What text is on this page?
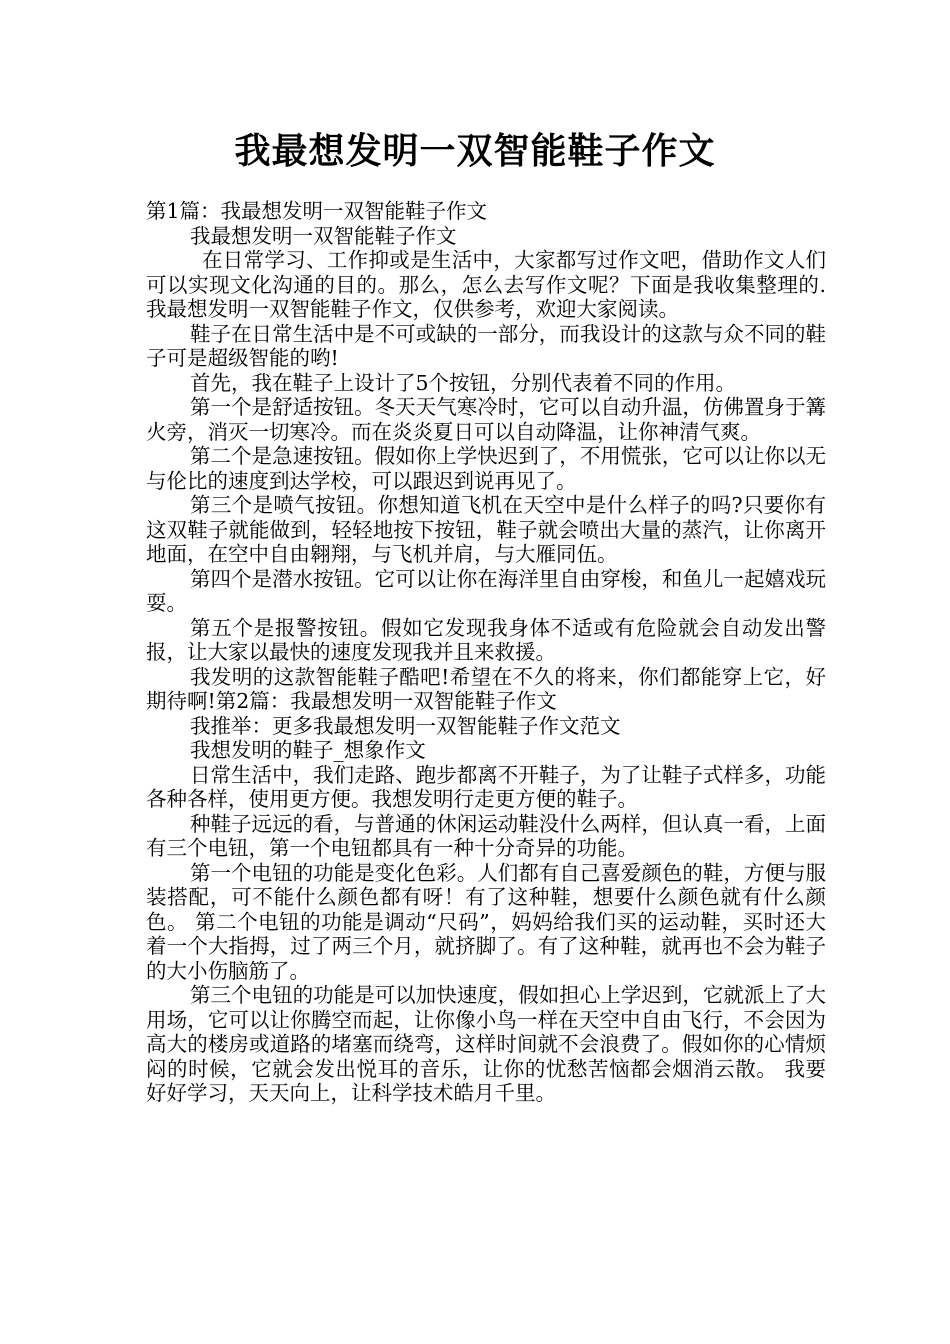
我最想发明一双智能鞋子作文

第1篇：我最想发明一双智能鞋子作文

我最想发明一双智能鞋子作文

在日常学习、工作抑或是生活中，大家都写过作文吧，借助作文人们可以实现文化沟通的目的。那么，怎么去写作文呢？下面是我收集整理的.我最想发明一双智能鞋子作文，仅供参考，欢迎大家阅读。

鞋子在日常生活中是不可或缺的一部分，而我设计的这款与众不同的鞋子可是超级智能的哟!

首先，我在鞋子上设计了5个按钮，分别代表着不同的作用。

第一个是舒适按钮。冬天天气寒冷时，它可以自动升温，仿佛置身于篝火旁，消灭一切寒冷。而在炎炎夏日可以自动降温，让你神清气爽。

第二个是急速按钮。假如你上学快迟到了，不用慌张，它可以让你以无与伦比的速度到达学校，可以跟迟到说再见了。

第三个是喷气按钮。你想知道飞机在天空中是什么样子的吗?只要你有这双鞋子就能做到，轻轻地按下按钮，鞋子就会喷出大量的蒸汽，让你离开地面，在空中自由翱翔，与飞机并肩，与大雁同伍。

第四个是潜水按钮。它可以让你在海洋里自由穿梭，和鱼儿一起嬉戏玩耍。

第五个是报警按钮。假如它发现我身体不适或有危险就会自动发出警报，让大家以最快的速度发现我并且来救援。

我发明的这款智能鞋子酷吧!希望在不久的将来，你们都能穿上它，好期待啊!第2篇：我最想发明一双智能鞋子作文

我推举：更多我最想发明一双智能鞋子作文范文

我想发明的鞋子_想象作文

日常生活中，我们走路、跑步都离不开鞋子，为了让鞋子式样多，功能各种各样，使用更方便。我想发明行走更方便的鞋子。

种鞋子远远的看，与普通的休闲运动鞋没什么两样，但认真一看，上面有三个电钮，第一个电钮都具有一种十分奇异的功能。

第一个电钮的功能是变化色彩。人们都有自己喜爱颜色的鞋，方便与服装搭配，可不能什么颜色都有呀！有了这种鞋，想要什么颜色就有什么颜色。 第二个电钮的功能是调动“尺码”，妈妈给我们买的运动鞋，买时还大着一个大指拇，过了两三个月，就挤脚了。有了这种鞋，就再也不会为鞋子的大小伤脑筋了。

第三个电钮的功能是可以加快速度，假如担心上学迟到，它就派上了大用场，它可以让你腾空而起，让你像小鸟一样在天空中自由飞行，不会因为高大的楼房或道路的堵塞而绕弯，这样时间就不会浪费了。假如你的心情烦闷的时候，它就会发出悦耳的音乐，让你的忧愁苦恼都会烟消云散。 我要好好学习，天天向上，让科学技术皓月千里。
